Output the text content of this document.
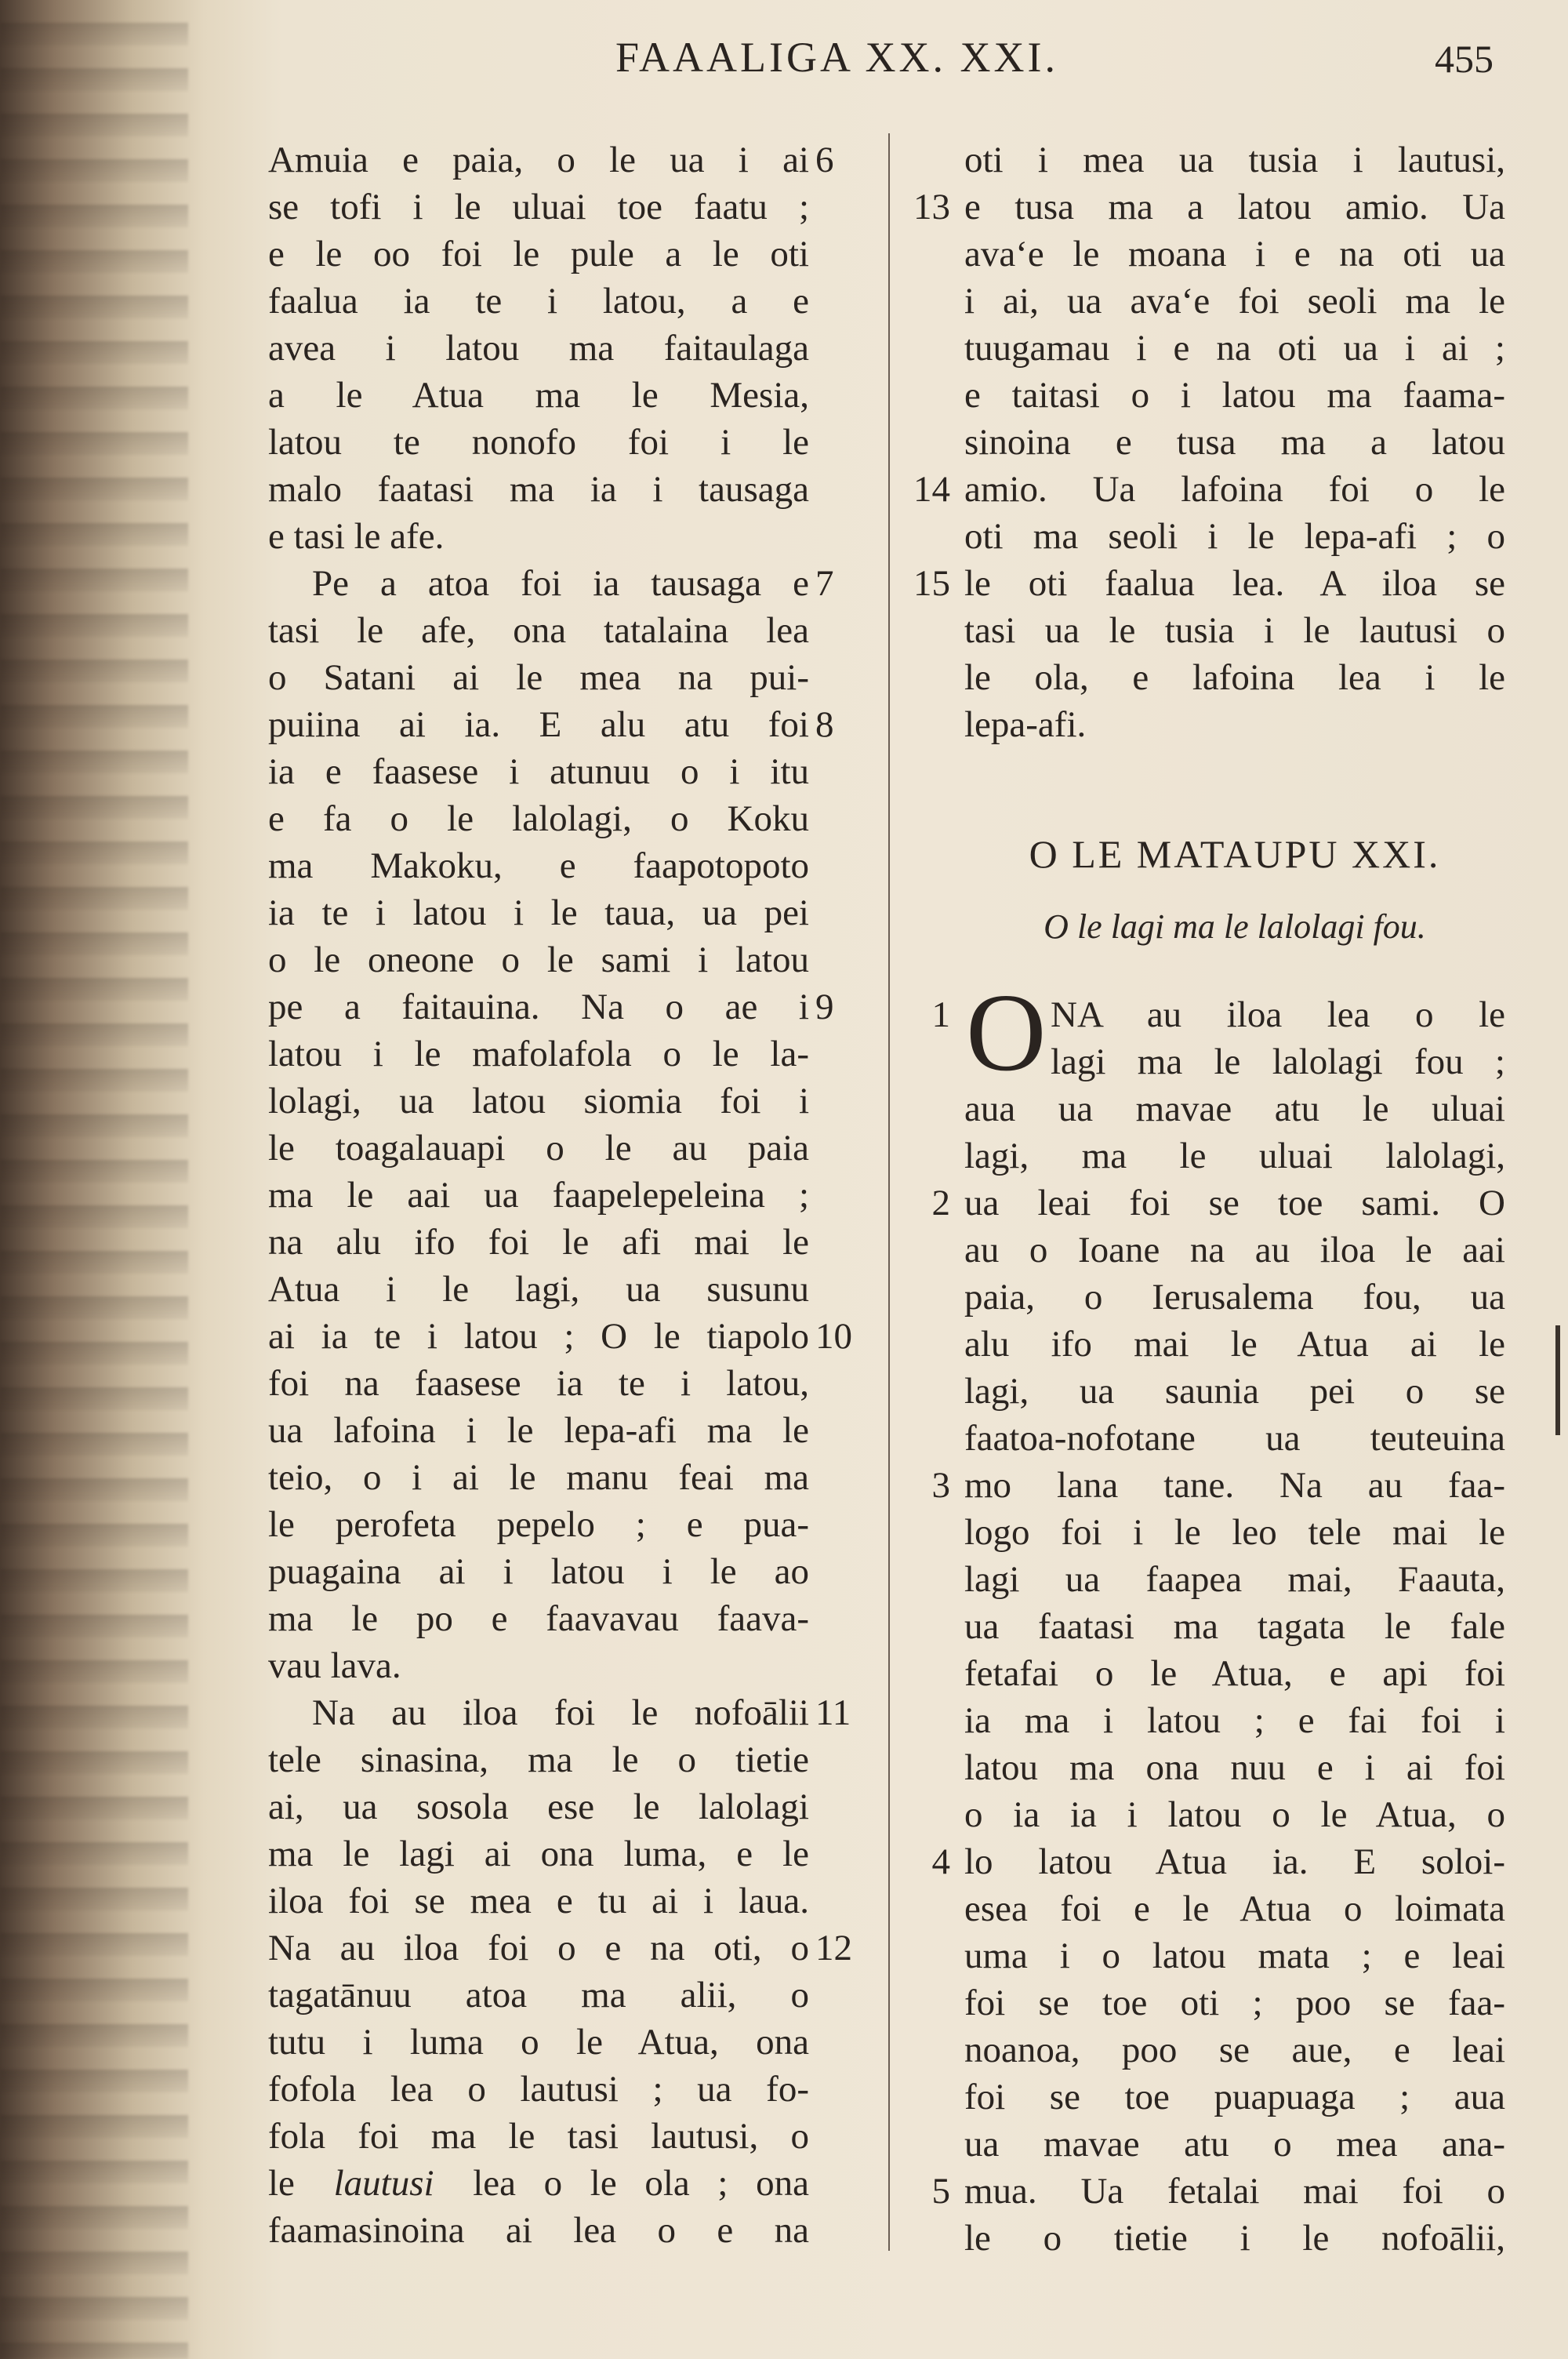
FAAALIGA XX. XXI.	455
Amuia e paia, o le ua i ai
se tofi i le uluai toe faatu ;
e le oo foi le pule a le oti
faalua ia te i latou, a e
avea i latou ma faitaulaga
a le Atua ma le Mesia,
latou te nonofo foi i le
malo faatasi ma ia i tausaga
e tasi le afe.
Pe a atoa foi ia tausaga e
tasi le afe, ona tatalaina lea
o Satani ai le mea na pui-
puiina ai ia. E alu atu foi
ia e faasese i atunuu o i itu
e fa o le lalolagi, o Koku
ma Makoku, e faapotopoto
ia te i latou i le taua, ua pei
o le oneone o le sami i latou
pe a faitauina. Na o ae i
latou i le mafolafola o le la-
lolagi, ua latou siomia foi i
le toagalauapi o le au paia
ma le aai ua faapelepeleina ;
na alu ifo foi le afi mai le
Atua i le lagi, ua susunu
ai ia te i latou ; O le tiapolo
foi na faasese ia te i latou,
ua lafoina i le lepa-afi ma le
teio, o i ai le manu feai ma
le perofeta pepelo ; e pua-
puagaina ai i latou i le ao
ma le po e faavavau faava-
vau lava.
Na au iloa foi le nofoālii
tele sinasina, ma le o tietie
ai, ua sosola ese le lalolagi
ma le lagi ai ona luma, e le
iloa foi se mea e tu ai i laua.
Na au iloa foi o e na oti, o
tagatānuu atoa ma alii, o
tutu i luma o le Atua, ona
fofola lea o lautusi ; ua fo-
fola foi ma le tasi lautusi, o
le lautusi lea o le ola ; ona
faamasinoina ai lea o e na
6
7
8
9
10
11
12
oti i mea ua tusia i lautusi,
e tusa ma a latou amio. Ua
ava‘e le moana i e na oti ua
i ai, ua ava‘e foi seoli ma le
tuugamau i e na oti ua i ai ;
e taitasi o i latou ma faama-
sinoina e tusa ma a latou
amio. Ua lafoina foi o le
oti ma seoli i le lepa-afi ; o
le oti faalua lea. A iloa se
tasi ua le tusia i le lautusi o
le ola, e lafoina lea i le
lepa-afi.
13
14
15
O LE MATAUPU XXI.
O le lagi ma le lalolagi fou.
O NA au iloa lea o le
lagi ma le lalolagi fou ;
aua ua mavae atu le uluai
lagi, ma le uluai lalolagi,
ua leai foi se toe sami. O
au o Ioane na au iloa le aai
paia, o Ierusalema fou, ua
alu ifo mai le Atua ai le
lagi, ua saunia pei o se
faatoa-nofotane ua teuteuina
mo lana tane. Na au faa-
logo foi i le leo tele mai le
lagi ua faapea mai, Faauta,
ua faatasi ma tagata le fale
fetafai o le Atua, e api foi
ia ma i latou ; e fai foi i
latou ma ona nuu e i ai foi
o ia ia i latou o le Atua, o
lo latou Atua ia. E soloi-
esea foi e le Atua o loimata
uma i o latou mata ; e leai
foi se toe oti ; poo se faa-
noanoa, poo se aue, e leai
foi se toe puapuaga ; aua
ua mavae atu o mea ana-
mua. Ua fetalai mai foi o
le o tietie i le nofoālii,
1
2
3
4
5
